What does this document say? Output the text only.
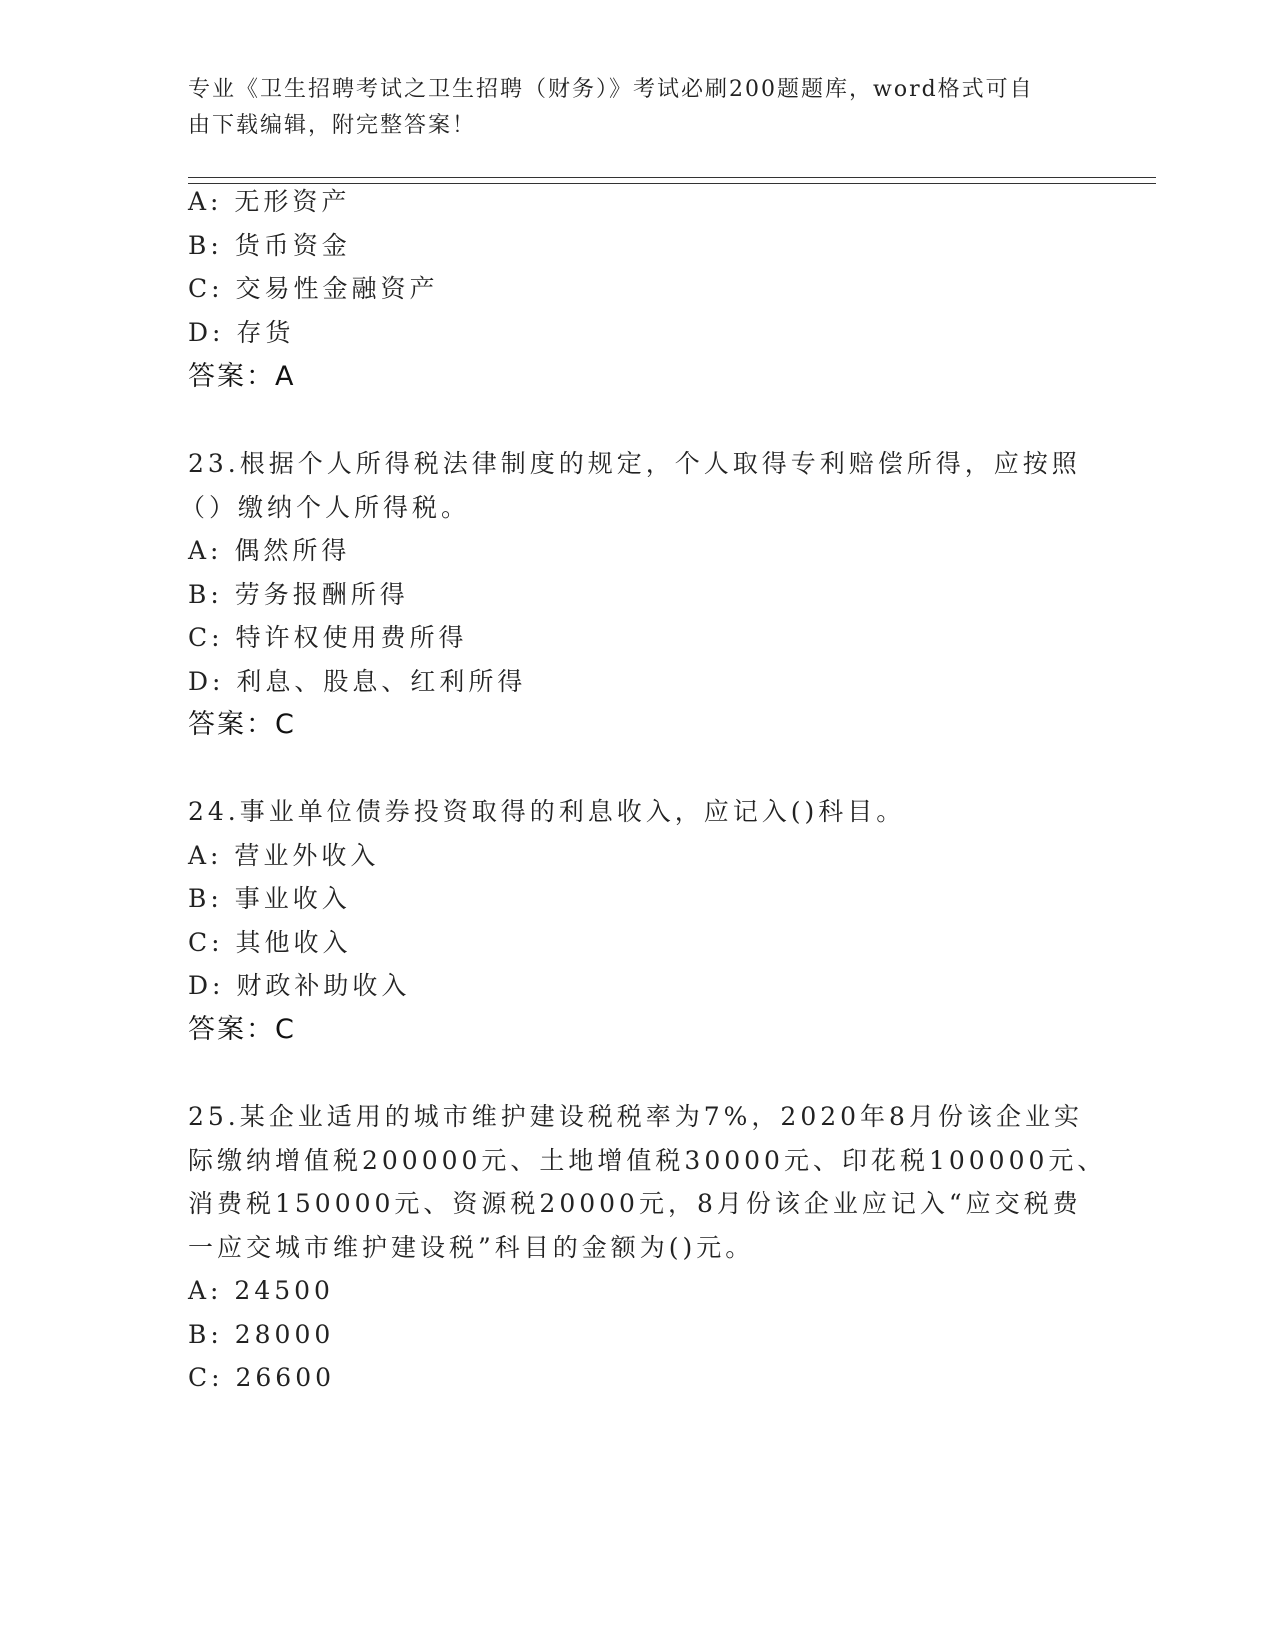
专业《卫生招聘考试之卫生招聘（财务）》考试必刷200题题库，word格式可自
由下载编辑，附完整答案！
A: 无形资产
B: 货币资金
C: 交易性金融资产
D: 存货
答案：A
23.根据个人所得税法律制度的规定，个人取得专利赔偿所得，应按照
（）缴纳个人所得税。
A: 偶然所得
B: 劳务报酬所得
C: 特许权使用费所得
D: 利息、股息、红利所得
答案：C
24.事业单位债券投资取得的利息收入，应记入()科目。
A: 营业外收入
B: 事业收入
C: 其他收入
D: 财政补助收入
答案：C
25.某企业适用的城市维护建设税税率为7%，2020年8月份该企业实
际缴纳增值税200000元、土地增值税30000元、印花税100000元、
消费税150000元、资源税20000元，8月份该企业应记入“应交税费
一应交城市维护建设税”科目的金额为()元。
A: 24500
B: 28000
C: 26600
